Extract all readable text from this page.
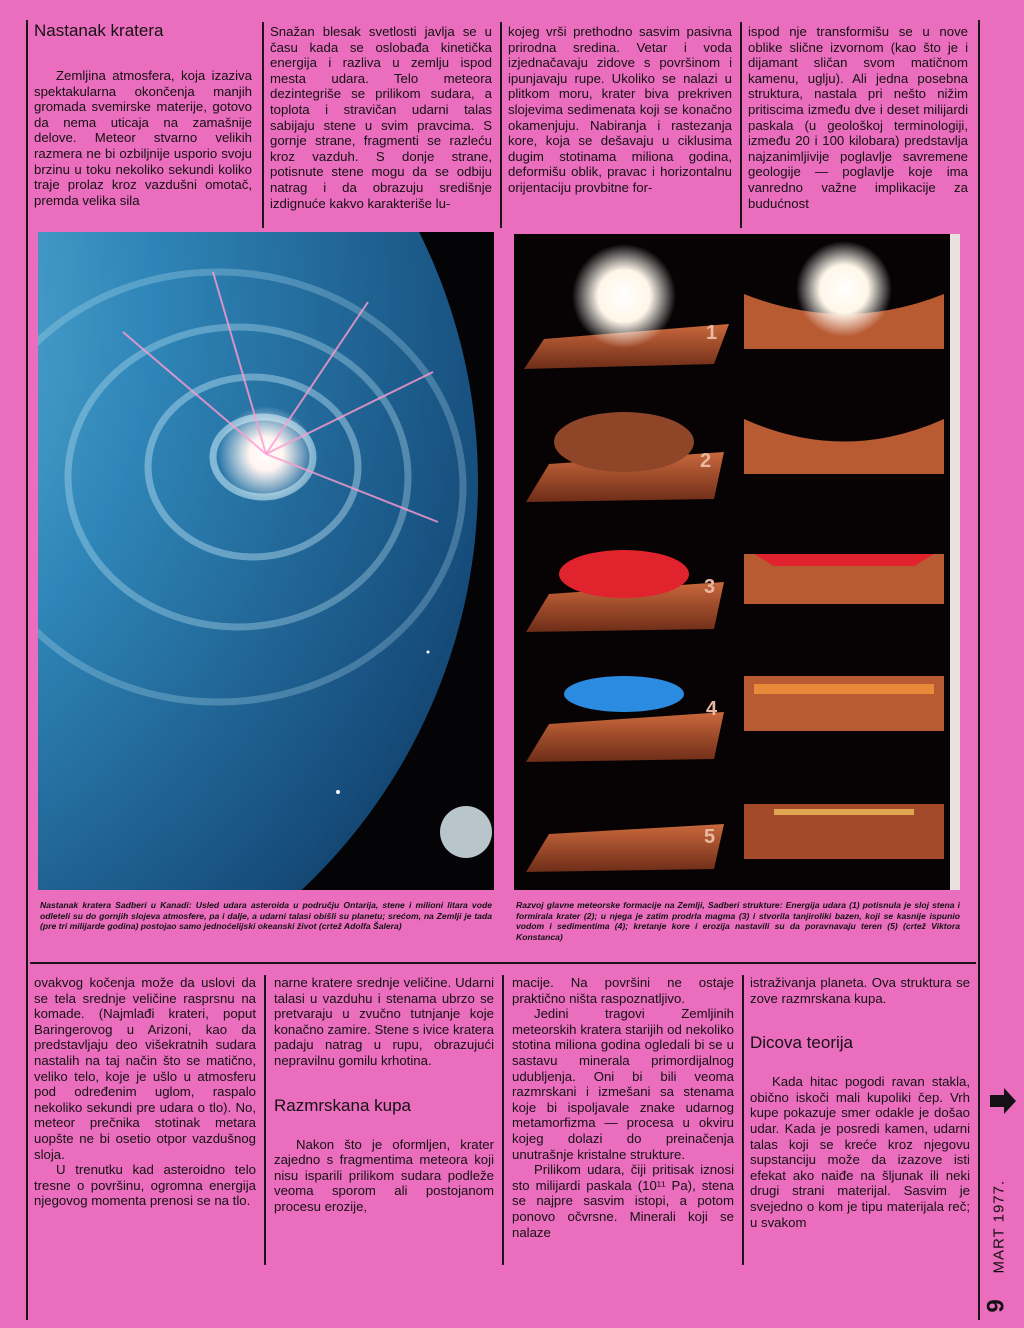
Nastanak kratera

Zemljina atmosfera, koja izaziva spektakularna okončenja manjih gromada svemirske materije, gotovo da nema uticaja na zamašnije delove. Meteor stvarno velikih razmera ne bi ozbiljnije usporio svoju brzinu u toku nekoliko sekundi koliko traje prolaz kroz vazdušni omotač, premda velika sila

Snažan blesak svetlosti javlja se u času kada se oslobađa kinetička energija i razliva u zemlju ispod mesta udara. Telo meteora dezintegriše se prilikom sudara, a toplota i stravičan udarni talas sabijaju stene u svim pravcima. S gornje strane, fragmenti se razleću kroz vazduh. S donje strane, potisnute stene mogu da se odbiju natrag i da obrazuju središnje izdignuće kakvo karakteriše lu-

kojeg vrši prethodno sasvim pasivna prirodna sredina. Vetar i voda izjednačavaju zidove s površinom i ipunjavaju rupe. Ukoliko se nalazi u plitkom moru, krater biva prekriven slojevima sedimenata koji se konačno okamenjuju. Nabiranja i rastezanja kore, koja se dešavaju u ciklusima dugim stotinama miliona godina, deformišu oblik, pravac i horizontalnu orijentaciju provbitne for-

ispod nje transformišu se u nove oblike slične izvornom (kao što je i dijamant sličan svom matičnom kamenu, uglju). Ali jedna posebna struktura, nastala pri nešto nižim pritiscima između dve i deset milijardi paskala (u geološkoj terminologiji, između 20 i 100 kilobara) predstavlja najzanimljivije poglavlje savremene geologije — poglavlje koje ima vanredno važne implikacije za budućnost

1
2
3
4
5
Nastanak kratera Sadberi u Kanadi: Usled udara asteroida u području Ontarija, stene i milioni litara vode odleteli su do gornjih slojeva atmosfere, pa i dalje, a udarni talasi obišli su planetu; srećom, na Zemlji je tada (pre tri milijarde godina) postojao samo jednoćelijski okeanski život (crtež Adolfa Šalera)
Razvoj glavne meteorske formacije na Zemlji, Sadberi strukture: Energija udara (1) potisnula je sloj stena i formirala krater (2); u njega je zatim prodrla magma (3) i stvorila tanjiroliki bazen, koji se kasnije ispunio vodom i sedimentima (4); kretanje kore i erozija nastavili su da poravnavaju teren (5) (crtež Viktora Konstanca)

ovakvog kočenja može da uslovi da se tela srednje veličine rasprsnu na komade. (Najmlađi krateri, poput Baringerovog u Arizoni, kao da predstavljaju deo višekratnih sudara nastalih na taj način što se matično, veliko telo, koje je ušlo u atmosferu pod određenim uglom, raspalo nekoliko sekundi pre udara o tlo). No, meteor prečnika stotinak metara uopšte ne bi osetio otpor vazdušnog sloja.

U trenutku kad asteroidno telo tresne o površinu, ogromna energija njegovog momenta prenosi se na tlo.

narne kratere srednje veličine. Udarni talasi u vazduhu i stenama ubrzo se pretvaraju u zvučno tutnjanje koje konačno zamire. Stene s ivice kratera padaju natrag u rupu, obrazujući nepravilnu gomilu krhotina.

Razmrskana kupa

Nakon što je oformljen, krater zajedno s fragmentima meteora koji nisu isparili prilikom sudara podleže veoma sporom ali postojanom procesu erozije,

macije. Na površini ne ostaje praktično ništa raspoznatljivo.

Jedini tragovi Zemljinih meteorskih kratera starijih od nekoliko stotina miliona godina ogledali bi se u sastavu minerala primordijalnog udubljenja. Oni bi bili veoma razmrskani i izmešani sa stenama koje bi ispoljavale znake udarnog metamorfizma — procesa u okviru kojeg dolazi do preinačenja unutrašnje kristalne strukture.

Prilikom udara, čiji pritisak iznosi sto milijardi paskala (10¹¹ Pa), stena se najpre sasvim istopi, a potom ponovo očvrsne. Minerali koji se nalaze

istraživanja planeta. Ova struktura se zove razmrskana kupa.

Dicova teorija

Kada hitac pogodi ravan stakla, obično iskoči mali kupoliki čep. Vrh kupe pokazuje smer odakle je došao udar. Kada je posredi kamen, udarni talas koji se kreće kroz njegovu supstanciju može da izazove isti efekat ako naiđe na šljunak ili neki drugi strani materijal. Sasvim je svejedno o kom je tipu materijala reč; u svakom	MART 1977.
9
